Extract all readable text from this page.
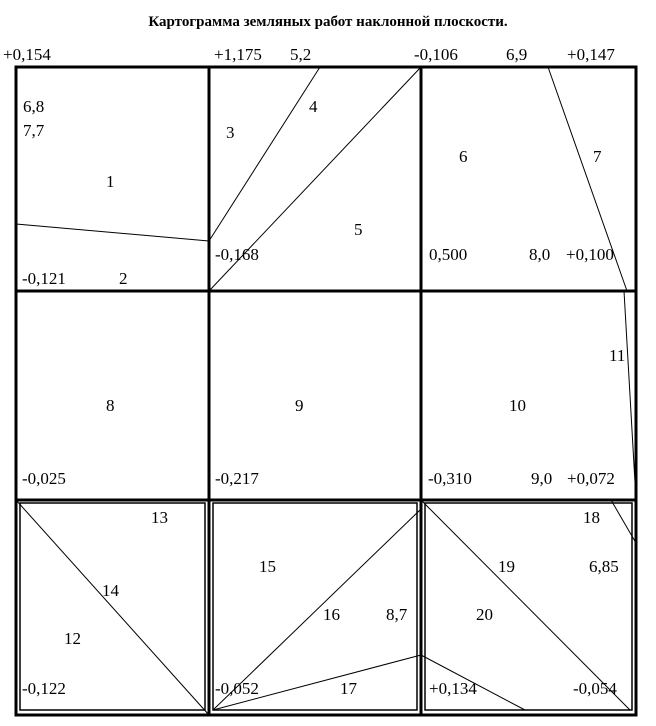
Картограмма земляных работ наклонной плоскости.
+0,154	+1,175	-0,106	+0,147
-0,121
-0,168	0,500	+0,100
-0,025	-0,217	-0,310	+0,072
-0,122	-0,052	+0,134	-0,054
5,2	6,9
6,8
7,7
8,0
9,0
6,85
8,7
1
2
3
4
5
6	7
8	9	10
11
12
13
14
15
16
17
18
19
20
